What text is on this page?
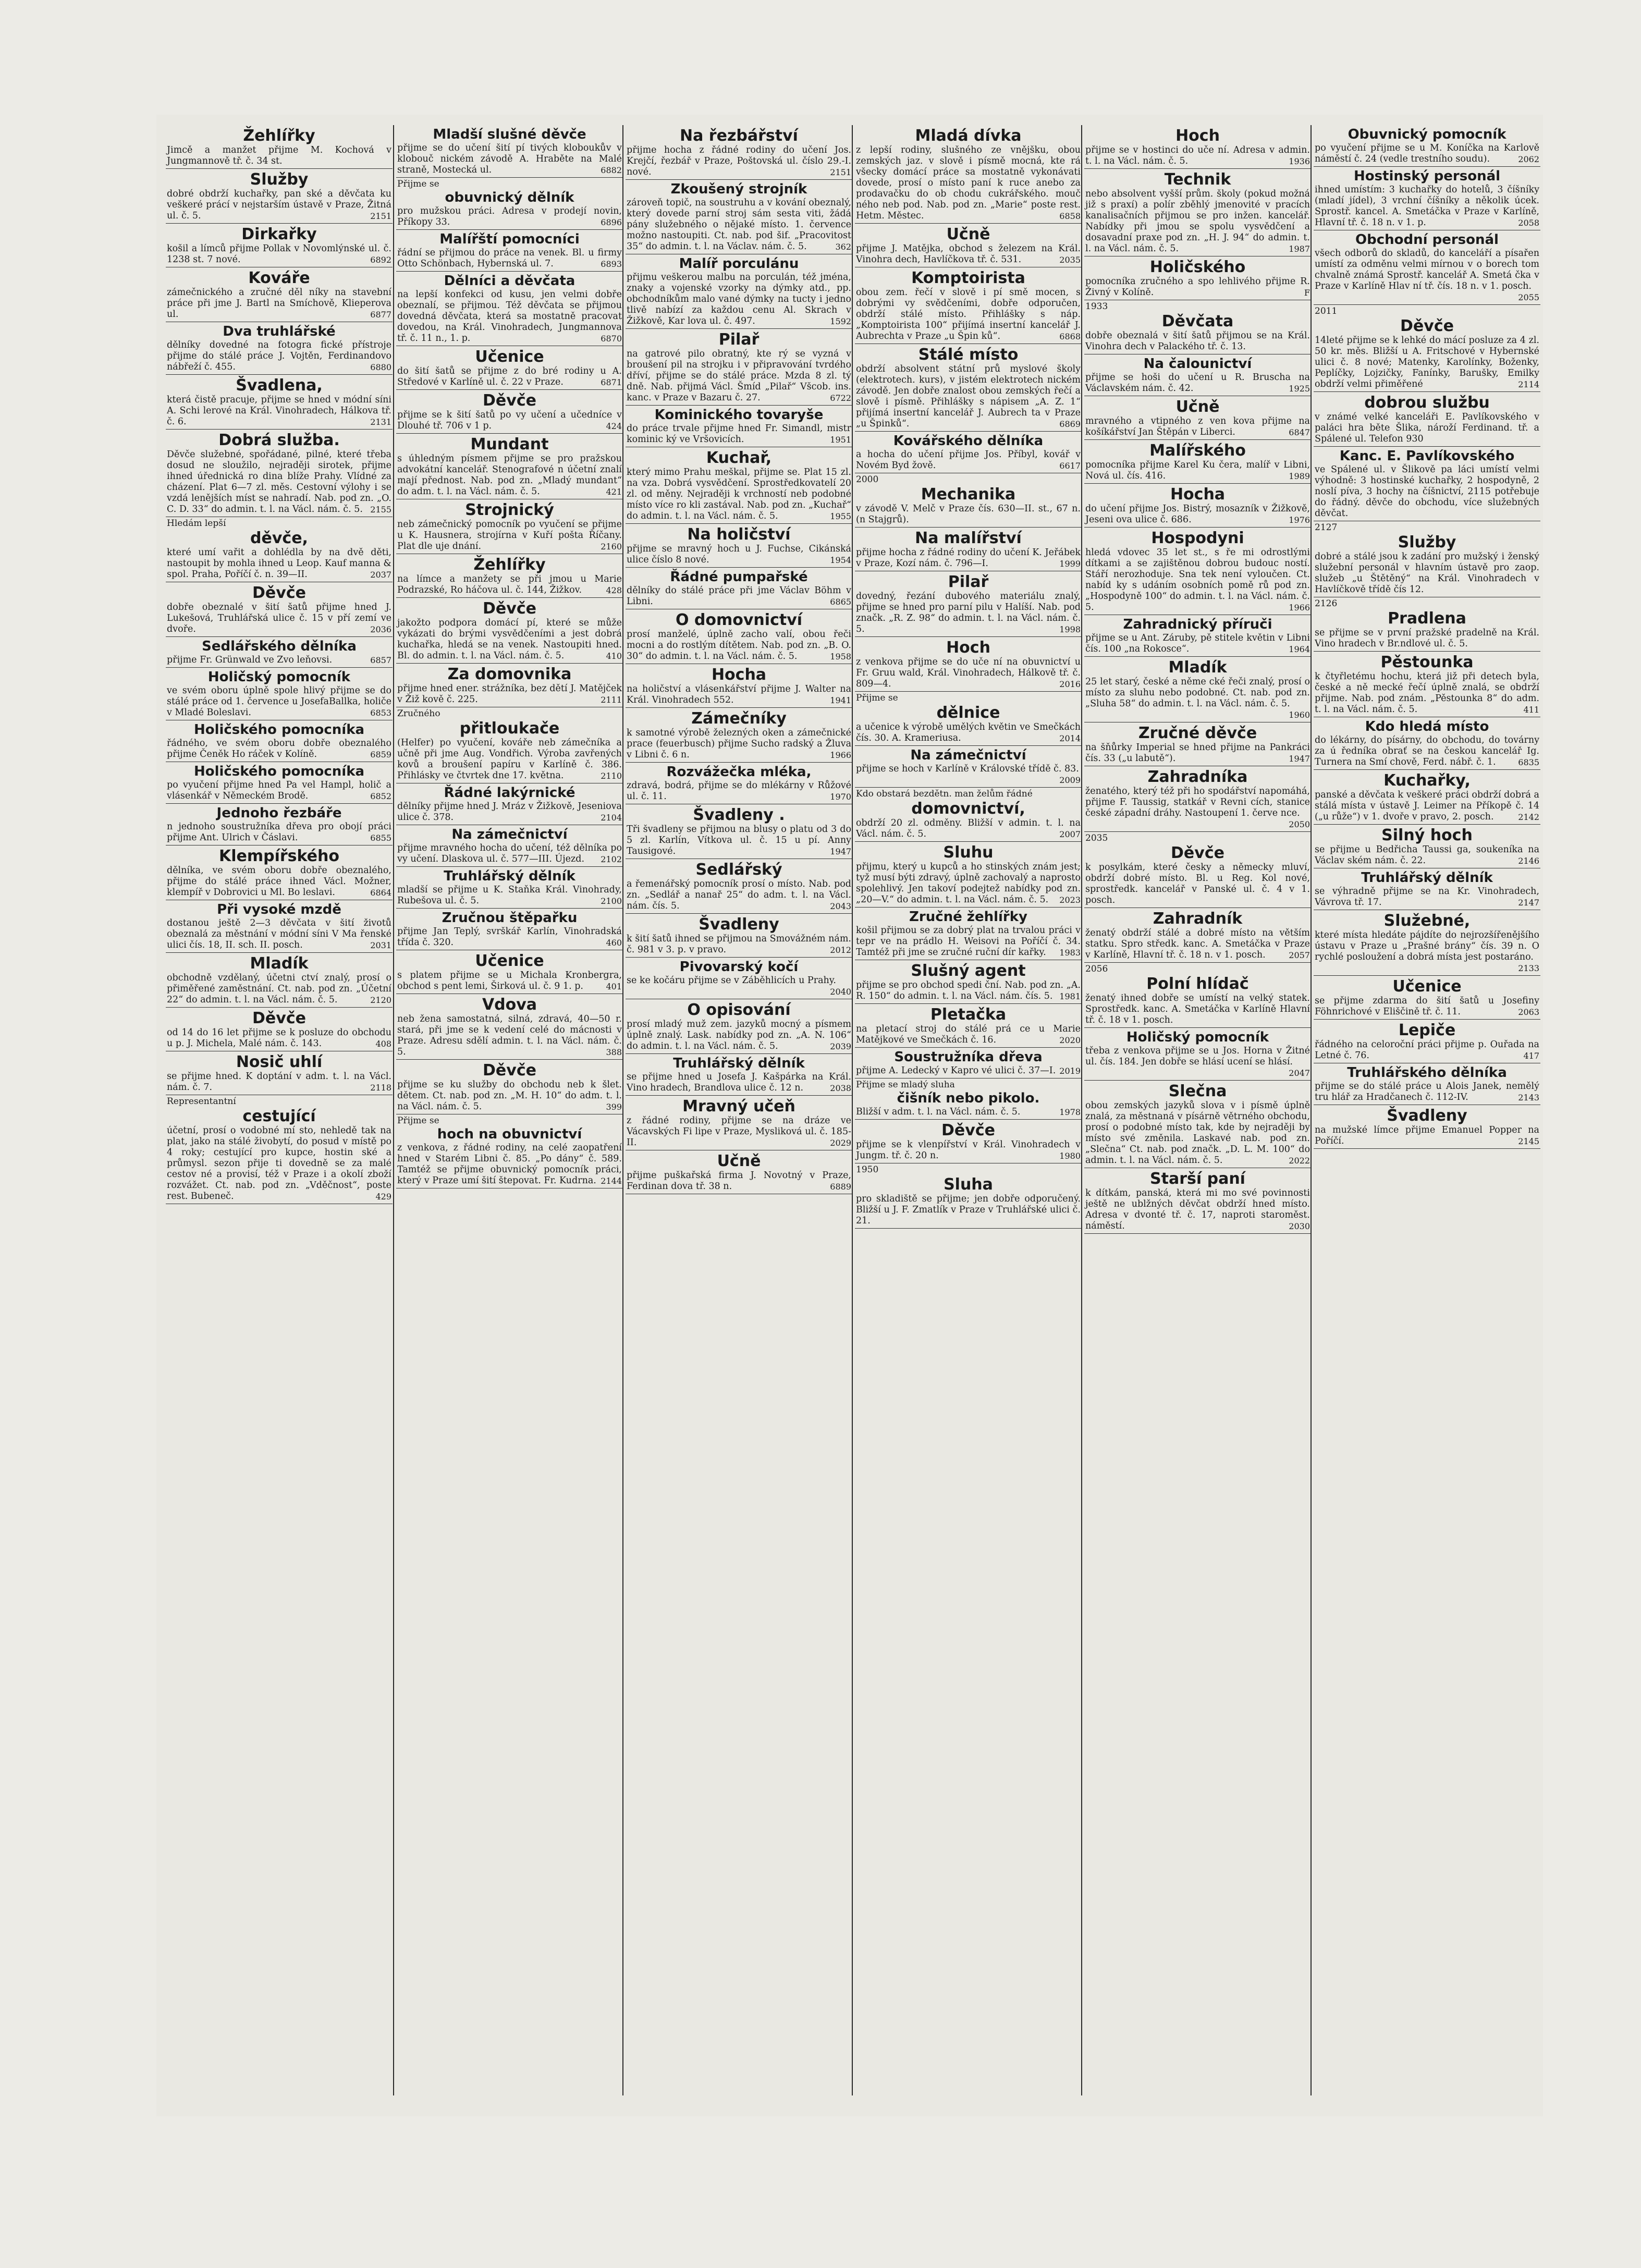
Žehlířky

Jimcě a manžet přijme M. Kochová v Jungmannově tř. č. 34 st.

Služby

dobré obdrží kuchařky, pan ské a děvčata ku veškeré prácí v nejstarším ústavě v Praze, Žitná ul. č. 5.	2151

Dirkařky

košil a límců přijme Pollak v Novomlýnské ul. č. 1238 st. 7 nové.	6892

Kováře

zámečnického a zručné děl níky na stavební práce při jme J. Bartl na Smíchově, Klieperova ul.	6877

Dva truhlářské

dělníky dovedné na fotogra fické přístroje přijme do stálé práce J. Vojtěn, Ferdinandovo nábřeží č. 455.	6880

Švadlena,

která čistě pracuje, přijme se hned v módní síni A. Schi lerové na Král. Vinohradech, Hálkova tř. č. 6.	2131

Dobrá služba.

Děvče služebné, spořádané, pilné, které třeba dosud ne sloužilo, nejraději sirotek, přijme ihned úřednická ro dina blíže Prahy. Vlídné za cházení. Plat 6—7 zl. měs. Cestovní výlohy i se vzdá lenějších míst se nahradí. Nab. pod zn. „O. C. D. 33“ do admin. t. l. na Václ. nám. č. 5. 2155

Hledám lepší
děvče,

které umí vařit a dohlédla by na dvě děti, nastoupit by mohla ihned u Leop. Kauf manna & spol. Praha, Poříčí č. n. 39—II.	2037

Děvče

dobře obeznalé v šití šatů přijme hned J. Lukešová, Truhlářská ulice č. 15 v pří zemí ve dvoře.	2036

Sedlářského dělníka

přijme Fr. Grünwald ve Zvo leňovsi.	6857

Holičský pomocník

ve svém oboru úplně spole hlivý přijme se do stálé práce od 1. července u JosefaBallka, holiče v Mladé Boleslavi.	6853

Holičského pomocníka

řádného, ve svém oboru dobře obeznalého přijme Čeněk Ho ráček v Kolíně.	6859

Holičského pomocníka

po vyučení přijme hned Pa vel Hampl, holič a vlásenkář v Německém Brodě.	6852

Jednoho řezbáře

n jednoho soustružníka dřeva pro obojí práci přijme Ant. Ulrich v Čáslavi.	6855

Klempířského

dělníka, ve svém oboru dobře obeznalého, přijme do stálé práce ihned Václ. Možner, klempíř v Dobrovici u Ml. Bo leslavi.	6864

Při vysoké mzdě

dostanou ještě 2—3 děvčata v šití životů obeznalá za městnání v módní síni V Ma řenské ulici čís. 18, II. sch. II. posch.	2031

Mladík

obchodně vzdělaný, účetni ctví znalý, prosí o přiměřené zaměstnání. Ct. nab. pod zn. „Účetní 22“ do admin. t. l. na Václ. nám. č. 5.	2120

Děvče

od 14 do 16 let přijme se k posluze do obchodu u p. J. Michela, Malé nám. č. 143.	408

Nosič uhlí

se přijme hned. K doptání v adm. t. l. na Václ. nám. č. 7.	2118

Representantní
cestující

účetní, prosí o vodobné mí sto, nehledě tak na plat, jako na stálé živobytí, do posud v místě po 4 roky; cestující pro kupce, hostin ské a průmysl. sezon přije ti dovedně se za malé cestov né a provisí, též v Praze i a okolí zboží rozvážet. Ct. nab. pod zn. „Vděčnost“, poste rest. Bubeneč.	429

Mladší slušné děvče

přijme se do učení šití pí tivých kloboukův v klobouč nickém závodě A. Hraběte na Malé straně, Mostecká ul.	6882

Přijme se
obuvnický dělník

pro mužskou práci. Adresa v prodejí novin, Příkopy 33.	6896

Malířští pomocníci

řádní se přijmou do práce na venek. Bl. u firmy Otto Schönbach, Hybernská ul. 7.	6893

Dělníci a děvčata

na lepší konfekci od kusu, jen velmi dobře obeznalí, se přijmou. Též děvčata se přijmou dovedná děvčata, která sa mostatně pracovat dovedou, na Král. Vinohradech, Jungmannova tř. č. 11 n., 1. p.	6870

Učenice

do šití šatů se přijme z do bré rodiny u A. Středové v Karlíně ul. č. 22 v Praze.	6871

Děvče

přijme se k šití šatů po vy učení a učedníce v Dlouhé tř. 706 v 1 p.	424

Mundant

s úhledným písmem přijme se pro pražskou advokátní kancelář. Stenografové n účetní znalí mají přednost. Nab. pod zn. „Mladý mundant“ do adm. t. l. na Václ. nám. č. 5.	421

Strojnický

neb zámečnický pomocník po vyučení se přijme u K. Hausnera, strojírna v Kuří pošta Říčany. Plat dle uje dnání.	2160

Žehlířky

na límce a manžety se při jmou u Marie Podrazské, Ro háčova ul. č. 144, Žižkov.	428

Děvče

jakožto podpora domácí pí, které se může vykázati do brými vysvědčeními a jest dobrá kuchařka, hledá se na venek. Nastoupiti hned. Bl. do admin. t. l. na Václ. nám. č. 5.	410

Za domovnika

přijme hned ener. strážníka, bez dětí J. Matějček v Žiž kově č. 225.	2111

Zručného
přitloukače

(Helfer) po vyučení, kováře neb zámečníka a učně při jme Aug. Vondřich. Výroba zavřených kovů a broušení papíru v Karlíně č. 386. Přihlásky ve čtvrtek dne 17. května.	2110

Řádné lakýrnické

dělníky přijme hned J. Mráz v Žižkově, Jeseniova ulice č. 378.	2104

Na zámečnictví

přijme mravného hocha do učení, též dělníka po vy učení. Dlaskova ul. č. 577—III. Újezd. 2102

Truhlářský dělník

mladší se přijme u K. Staňka Král. Vinohrady, Rubešova ul. č. 5.	2100

Zručnou štěpařku

přijme Jan Teplý, svrškář Karlín, Vinohradská třída č. 320.	460

Učenice

s platem přijme se u Michala Kronbergra, obchod s pent lemi, Širková ul. č. 9 1. p.	401

Vdova

neb žena samostatná, silná, zdravá, 40—50 r. stará, při jme se k vedení celé do mácnosti v Praze. Adresu sdělí admin. t. l. na Václ. nám. č. 5.	388

Děvče

přijme se ku služby do obchodu neb k šlet. dětem. Ct. nab. pod zn. „M. H. 10“ do adm. t. l. na Václ. nám. č. 5.	399

Přijme se
hoch na obuvnictví

z venkova, z řádné rodiny, na celé zaopatření hned v Starém Libni č. 85. „Po dány“ č. 589. Tamtéž se přijme obuvnický pomocník práci, který v Praze umí šití štepovat. Fr. Kudrna. 2144

Na řezbářství

přijme hocha z řádné rodiny do učení Jos. Krejčí, řezbář v Praze, Poštovská ul. číslo 29.-I. nové.	2151

Zkoušený strojník

zároveň topič, na soustruhu a v kování obeznalý, který dovede parní stroj sám sesta viti, žádá pány služebného o nějaké místo. 1. července možno nastoupiti. Ct. nab. pod šif. „Pracovitost 35“ do admin. t. l. na Václav. nám. č. 5.	362

Malíř porculánu

přijmu veškerou malbu na porculán, též jména, znaky a vojenské vzorky na dýmky atd., pp. obchodníkům malo vané dýmky na tucty i jedno tlivě nabízí za každou cenu Al. Skrach v Žižkově, Kar lova ul. č. 497.	1592

Pilař

na gatrové pilo obratný, kte rý se vyzná v broušení pil na strojku i v připravování tvrdého dříví, přijme se do stálé práce. Mzda 8 zl. tý dně. Nab. přijmá Václ. Šmíd „Pilař“ Všcob. ins. kanc. v Praze v Bazaru č. 27.	6722

Kominického tovaryše

do práce trvale přijme hned Fr. Simandl, mistr kominic ký ve Vršovicích.	1951

Kuchař,

který mimo Prahu meškal, přijme se. Plat 15 zl. na vza. Dobrá vysvědčení. Sprostředkovatelí 20 zl. od měny. Nejraději k vrchností neb podobné místo více ro kli zastával. Nab. pod zn. „Kuchař“ do admin. t. l. na Václ. nám. č. 5.	1955

Na holičství

přijme se mravný hoch u J. Fuchse, Cikánská ulice číslo 8 nové.	1954

Řádné pumpařské

dělníky do stálé práce při jme Václav Böhm v Libni.	6865

O domovnictví

prosí manželé, úplně zacho valí, obou řeči mocni a do rostlým dítětem. Nab. pod zn. „B. O. 30“ do admin. t. l. na Václ. nám. č. 5.	1958

Hocha

na holičství a vlásenkářství přijme J. Walter na Král. Vinohradech 552.	1941

Zámečníky

k samotné výrobě železných oken a zámečnické prace (feuerbusch) přijme Sucho radský a Žluva v Libni č. 6 n.	1966

Rozvážečka mléka,

zdravá, bodrá, přijme se do mlékárny v Růžové ul. č. 11.	1970

Švadleny .

Tři švadleny se přijmou na blusy o platu od 3 do 5 zl. Karlín, Vítkova ul. č. 15 u pí. Anny Tausigové.	1947

Sedlářský

a řemenářský pomocník prosí o místo. Nab. pod zn. „Sedlář a nanař 25“ do adm. t. l. na Václ. nám. čís. 5.	2043

Švadleny

k šití šatů ihned se přijmou na Smovážném nám. č. 981 v 3. p. v pravo.	2012

Pivovarský kočí

se ke kočáru přijme se v Záběhlicích u Prahy.
2040

O opisování

prosí mladý muž zem. jazyků mocný a písmem úplně znalý. Lask. nabídky pod zn. „A. N. 106“ do admin. t. l. na Václ. nám. č. 5.	2039

Truhlářský dělník

se přijme hned u Josefa J. Kašpárka na Král. Vino hradech, Brandlova ulice č. 12 n.	2038

Mravný učeň

z řádné rodiny, přijme se na dráze ve Vácavských Fi lipe v Praze, Mysliková ul. č. 185-II.	2029

Učně

přijme puškařská firma J. Novotný v Praze, Ferdinan dova tř. 38 n.	6889

Mladá dívka

z lepší rodiny, slušného ze vnějšku, obou zemských jaz. v slově i písmě mocná, kte rá všecky domácí práce sa mostatně vykonávati dovede, prosí o místo paní k ruce anebo za prodavačku do ob chodu cukrářského. mouč ného neb pod. Nab. pod zn. „Marie“ poste rest. Hetm. Městec.	6858

Učně

přijme J. Matějka, obchod s železem na Král. Vinohra dech, Havlíčkova tř. č. 531.	2035

Komptoirista

obou zem. řečí v slově i pí smě mocen, s dobrými vy svědčeními, dobře odporučen, obdrží stálé místo. Přihlášky s náp. „Komptoirista 100“ přijímá insertní kancelář J. Aubrechta v Praze „u Špin ků“.	6868

Stálé místo

obdrží absolvent státní prů myslové školy (elektrotech. kurs), v jistém elektrotech nickém závodě. Jen dobře znalost obou zemských řečí a slově i písmě. Přihlášky s nápisem „A. Z. 1“ přijímá insertní kancelář J. Aubrech ta v Praze „u Špinků“.	6869

Kovářského dělníka

a hocha do učení přijme Jos. Příbyl, kovář v Novém Byd žově.	6617

2000
Mechanika

v závodě V. Melč v Praze čís. 630—II. st., 67 n. (n Stajgrů).

Na malířství

přijme hocha z řádné rodiny do učení K. Jeřábek v Praze, Kozí nám. č. 796—I.	1999

Pilař

dovedný, řezání dubového materiálu znalý, přijme se hned pro parní pilu v Halíší. Nab. pod značk. „R. Z. 98“ do admin. t. l. na Václ. nám. č. 5.	1998

Hoch

z venkova přijme se do uče ní na obuvnictví u Fr. Gruu wald, Král. Vinohradech, Hálkově tř. č. 809—4.	2016

Přijme se
dělnice

a učenice k výrobě umělých květin ve Smečkách čís. 30. A. Krameriusa.	2014

Na zámečnictví

přijme se hoch v Karlíně v Královské třídě č. 83.
2009

Kdo obstará bezdětn. man želům řádné
domovnictví,

obdrží 20 zl. odměny. Bližší v admin. t. l. na Václ. nám. č. 5.	2007

Sluhu

přijmu, který u kupců a ho stinských znám jest; tyž musí býti zdravý, úplně zachovalý a naprosto spolehlivý. Jen takoví podejtež nabídky pod zn. „20—V.“ do admin. t. l. na Václ. nám. č. 5. 2023

Zručné žehlířky

košil přijmou se za dobrý plat na trvalou práci v tepr ve na prádlo H. Weisovi na Poříčí č. 34. Tamtéž při jme se zručné ruční dír kařky. 1983

Slušný agent

přijme se pro obchod spedi ční. Nab. pod zn. „A. R. 150“ do admin. t. l. na Václ. nám. čís. 5. 1981

Pletačka

na pletací stroj do stálé prá ce u Marie Matějkové ve Smečkách č. 16.	2020

Soustružníka dřeva

přijme A. Ledecký v Kapro vé ulici č. 37—I. 2019

Přijme se mladý sluha
čišník nebo pikolo.

Bližší v adm. t. l. na Václ. nám. č. 5.	1978

Děvče

přijme se k vlenpířství v Král. Vinohradech v Jungm. tř. č. 20 n.	1980

1950
Sluha

pro skladiště se přijme; jen dobře odporučený. Bližší u J. F. Zmatlík v Praze v Truhlářské ulici č. 21.

Hoch

přijme se v hostinci do uče ní. Adresa v admin. t. l. na Václ. nám. č. 5.	1936

Technik

nebo absolvent vyšší prům. školy (pokud možná již s praxí) a polír zběhlý jmenovité v pracích kanalisačních přijmou se pro inžen. kancelář. Nabídky při jmou se spolu vysvědčení a dosavadní praxe pod zn. „H. J. 94“ do admin. t. l. na Václ. nám. č. 5.	1987

Holičského

pomocníka zručného a spo lehlivého přijme R. Živný v Kolíně.	F

1933
Děvčata

dobře obeznalá v šití šatů přijmou se na Král. Vinohra dech v Palackého tř. č. 13.

Na čalounictví

přijme se hoši do učení u R. Bruscha na Václavském nám. č. 42.	1925

Učně

mravného a vtipného z ven kova přijme na košíkářství Jan Štěpán v Liberci.	6847

Malířského

pomocníka přijme Karel Ku čera, malíř v Libni, Nová ul. čís. 416.	1989

Hocha

do učení přijme Jos. Bistrý, mosazník v Žižkově, Jeseni ova ulice č. 686.	1976

Hospodyni

hledá vdovec 35 let st., s ře mi odrostlými dítkami a se zajištěnou dobrou budouc ností. Stáří nerozhoduje. Sna tek není vyloučen. Ct. nabíd ky s udáním osobních pomě rů pod zn. „Hospodyně 100“ do admin. t. l. na Václ. nám. č. 5.	1966

Zahradnický příruči

přijme se u Ant. Záruby, pě stitele květin v Libni čís. 100 „na Rokosce“.	1964

Mladík

25 let starý, české a něme cké řeči znalý, prosí o místo za sluhu nebo podobné. Ct. nab. pod zn. „Sluha 58“ do admin. t. l. na Václ. nám. č. 5.
1960

Zručné děvče

na šňůrky Imperial se hned přijme na Pankráci čís. 33 („u labutě“).	1947

Zahradníka

ženatého, který též při ho spodářství napomáhá, přijme F. Taussig, statkář v Revni cích, stanice české západní dráhy. Nastoupení 1. červe nce.
2050

2035
Děvče

k posylkám, které česky a německy mluví, obdrží dobré místo. Bl. u Reg. Kol nové, sprostředk. kancelář v Panské ul. č. 4 v 1. posch.

Zahradník

ženatý obdrží stálé a dobré místo na větším statku. Spro středk. kanc. A. Smetáčka v Praze v Karlíně, Hlavní tř. č. 18 n. v 1. posch.	2057

2056
Polní hlídač

ženatý ihned dobře se umístí na velký statek. Sprostředk. kanc. A. Smetáčka v Karlíně Hlavní tř. č. 18 v 1. posch.

Holičský pomocník

třeba z venkova přijme se u Jos. Horna v Žitné ul. čís. 184. Jen dobře se hlásí ucení se hlásí.
2047

Slečna

obou zemských jazyků slova v i písmě úplně znalá, za městnaná v písárně větrného obchodu, prosí o podobné místo tak, kde by nejraději by místo své změnila. Laskavé nab. pod zn. „Slečna“ Ct. nab. pod značk. „D. L. M. 100“ do admin. t. l. na Václ. nám. č. 5.	2022

Starší paní

k dítkám, panská, která mi mo své povinnosti ještě ne ublžných děvčat obdrží hned místo. Adresa v dvonté tř. č. 17, naproti staroměst. náměstí.	2030

Obuvnický pomocník

po vyučení přijme se u M. Koníčka na Karlově náměstí č. 24 (vedle trestního soudu).	2062

Hostinský personál

ihned umístím: 3 kuchařky do hotelů, 3 číšníky (mladí jídel), 3 vrchní číšníky a několik úcek. Sprostř. kancel. A. Smetáčka v Praze v Karlíně, Hlavní tř. č. 18 n. v 1. p.	2058

Obchodní personál

všech odborů do skladů, do kanceláří a písařen umístí za odměnu velmi mírnou v o borech tom chvalně známá Sprostř. kancelář A. Smetá čka v Praze v Karlíně Hlav ní tř. čís. 18 n. v 1. posch.
2055

2011
Děvče

14leté přijme se k lehké do mácí posluze za 4 zl. 50 kr. měs. Bližší u A. Fritschové v Hybernské ulici č. 8 nové; Matenky, Karolínky, Boženky, Peplíčky, Lojzičky, Fanínky, Barušky, Emilky obdrží velmi přiměřené	2114

dobrou službu

v známé velké kanceláři E. Pavlíkovského v paláci hra běte Šlika, nároží Ferdinand. tř. a Spálené ul. Telefon 930

Kanc. E. Pavlíkovského

ve Spálené ul. v Šlikově pa láci umístí velmi výhodně: 3 hostinské kuchařky, 2 hospodyně, 2 noslí píva, 3 hochy na číšnictví, 2115 potřebuje do řádný. děvče do obchodu, více služebných děvčat.

2127
Služby

dobré a stálé jsou k zadání pro mužský i ženský služební personál v hlavním ústavě pro zaop. služeb „u Štětěný“ na Král. Vinohradech v Havlíčkově třídě čís 12.

2126
Pradlena

se přijme se v první pražské pradelně na Král. Vino hradech v Br.ndlové ul. č. 5.

Pěstounka

k čtyřletému hochu, která již při detech byla, české a ně mecké řečí úplně znalá, se obdrží přijme. Nab. pod znám. „Pěstounka 8“ do adm. t. l. na Václ. nám. č. 5.	411

Kdo hledá místo

do lékárny, do písárny, do obchodu, do továrny za ú ředníka obrať se na českou kancelář Ig. Turnera na Smí chově, Ferd. nábř. č. 1.	6835

Kuchařky,

panské a děvčata k veškeré práci obdrží dobrá a stálá místa v ústavě J. Leimer na Příkopě č. 14 („u růže“) v 1. dvoře v pravo, 2. posch.	2142

Silný hoch

se přijme u Bedřicha Taussi ga, soukeníka na Václav ském nám. č. 22.	2146

Truhlářský dělník

se výhradně přijme se na Kr. Vinohradech, Vávrova tř. 17.	2147

Služebné,

které místa hledáte pájdíte do nejrozšířenějšího ústavu v Praze u „Prašné brány“ čís. 39 n. O rychlé posloužení a dobrá místa jest postaráno.
2133

Učenice

se přijme zdarma do šití šatů u Josefiny Föhnrichové v Eliščině tř. č. 11.	2063

Lepiče

řádného na celoroční práci přijme p. Ouřada na Letné č. 76.	417

Truhlářského dělníka

přijme se do stálé práce u Alois Janek, nemělý tru hlář za Hradčanech č. 112-IV.	2143

Švadleny

na mužské límce přijme Emanuel Popper na Poříčí.	2145
